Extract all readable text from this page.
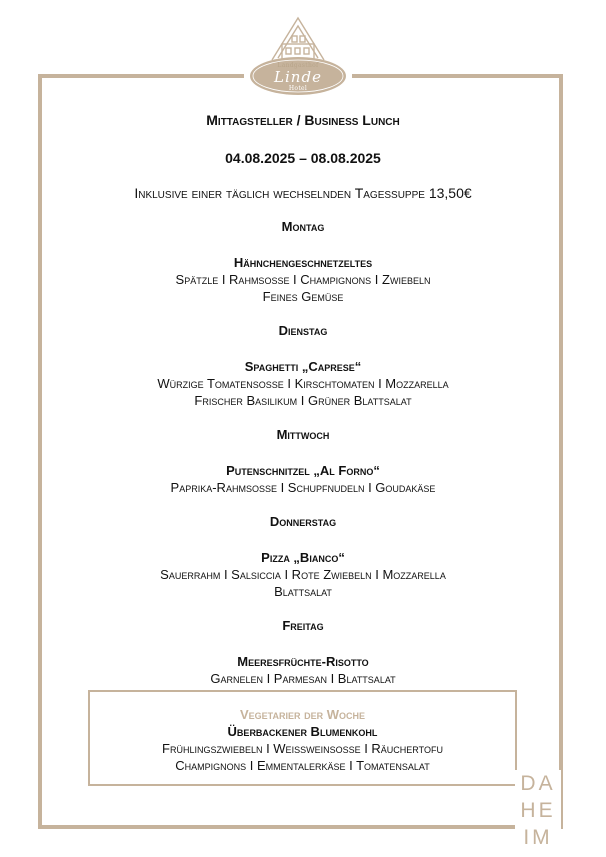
Landgasthof
Linde
Hotel
Mittagsteller / Business Lunch
04.08.2025 – 08.08.2025
Inklusive einer täglich wechselnden Tagessuppe 13,50€
Montag
Hähnchengeschnetzeltes
Spätzle I Rahmsoße I Champignons I Zwiebeln
Feines Gemüse
Dienstag
Spaghetti „Caprese“
Würzige Tomatensoße I Kirschtomaten I Mozzarella
Frischer Basilikum I Grüner Blattsalat
Mittwoch
Putenschnitzel „Al Forno“
Paprika-Rahmsoße I Schupfnudeln I Goudakäse
Donnerstag
Pizza „Bianco“
Sauerrahm I Salsiccia I Rote Zwiebeln I Mozzarella
Blattsalat
Freitag
Meeresfrüchte-Risotto
Garnelen I Parmesan I Blattsalat
Vegetarier der Woche
Überbackener Blumenkohl
Frühlingszwiebeln I Weißweinsoße I Räuchertofu
Champignons I Emmentalerkäse I Tomatensalat
DA
HE
IM
